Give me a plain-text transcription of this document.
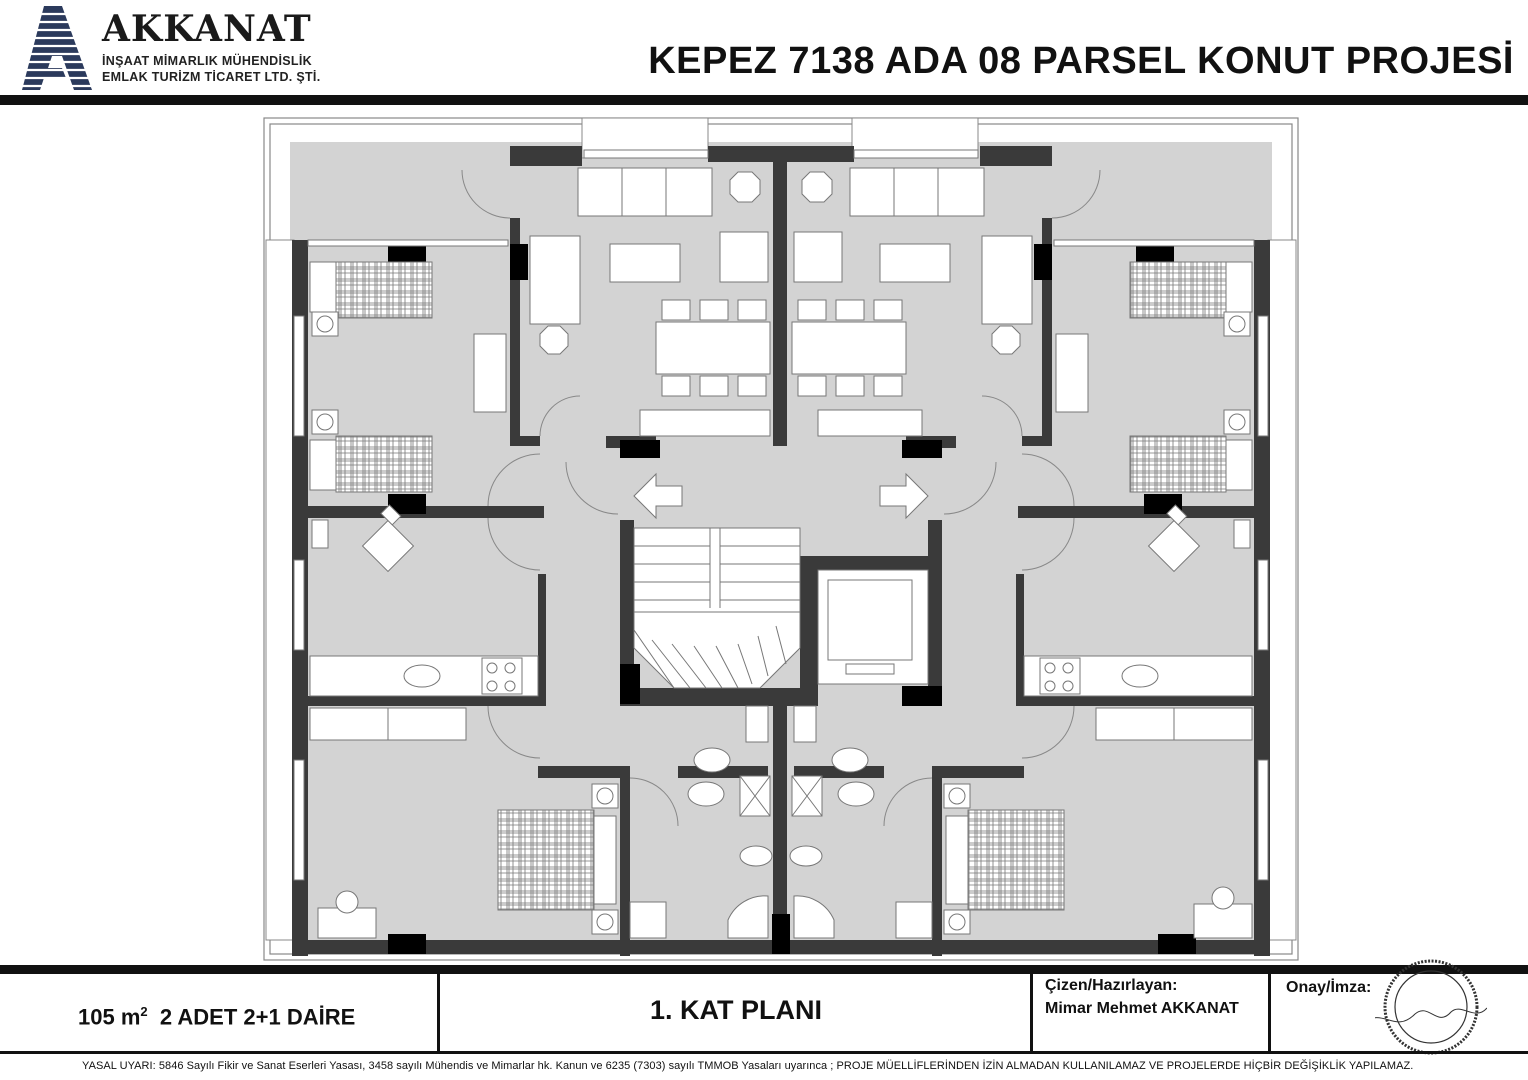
AKKANAT
İNŞAAT MİMARLIK MÜHENDİSLİK
EMLAK TURİZM TİCARET LTD. ŞTİ.	KEPEZ 7138 ADA 08 PARSEL KONUT PROJESİ
105 $m^2$ 2 ADET 2+1 DAİRE	1. KAT PLANI
Çizen/Hazırlayan:
Mimar Mehmet AKKANAT
Onay/İmza:
YASAL UYARI: 5846 Sayılı Fikir ve Sanat Eserleri Yasası, 3458 sayılı Mühendis ve Mimarlar hk. Kanun ve 6235 (7303) sayılı TMMOB Yasaları uyarınca ; PROJE MÜELLİFLERİNDEN İZİN ALMADAN KULLANILAMAZ VE PROJELERDE HİÇBİR DEĞİŞİKLİK YAPILAMAZ.
